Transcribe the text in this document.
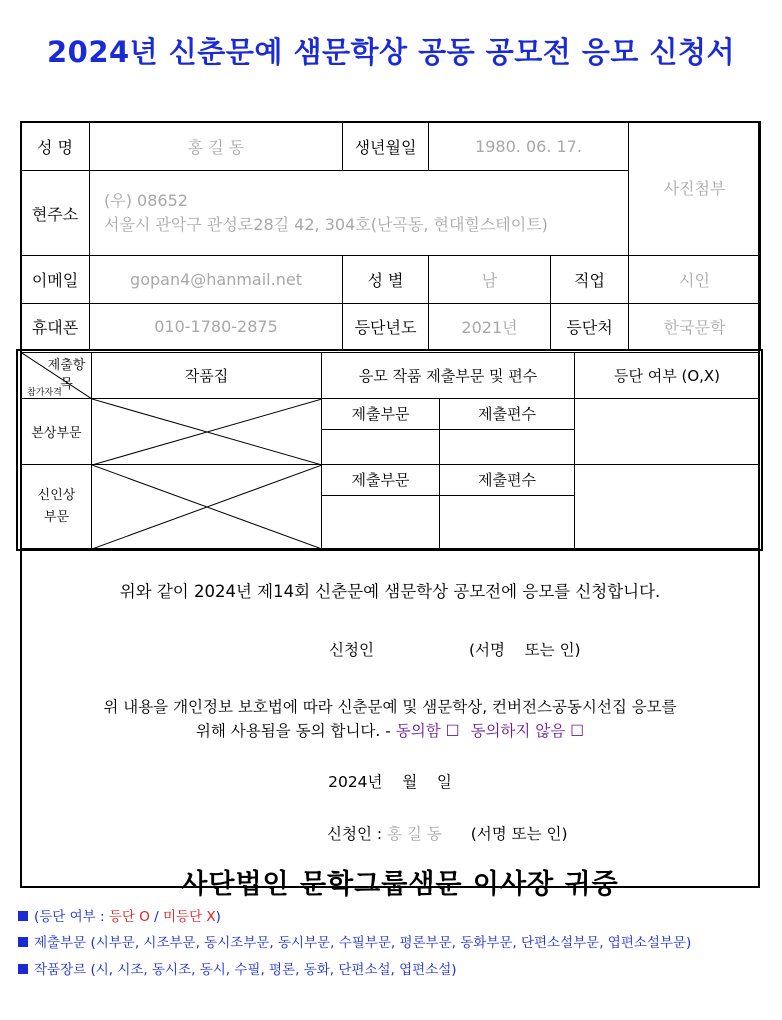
2024년 신춘문예 샘문학상 공동 공모전 응모 신청서
성 명	홍 길 동	생년월일	1980. 06. 17.		사진첨부
현주소	(우) 08652
서울시 관악구 관성로28길 42, 304호(난곡동, 현대힐스테이트)				

이메일	gopan4@hanmail.net	성 별	남	직업	시인
휴대폰	010-1780-2875	등단년도	2021년	등단처	한국문학
제출항목
참가자격	작품집	응모 작품 제출부문 및 편수		등단 여부 (O,X)
본상부문		제출부문	제출편수	

신인상
부문		제출부문	제출편수	

위와 같이 2024년 제14회 신춘문예 샘문학상 공모전에 응모를 신청합니다.
신청인	(서명    또는 인)
위 내용을 개인정보 보호법에 따라 신춘문예 및 샘문학상, 컨버전스공동시선집 응모를
위해 사용됨을 동의 합니다. - 동의함 ☐ 동의하지 않음 ☐
2024년    월    일
신청인 : 홍 길 동 (서명 또는 인)
사단법인 문학그룹샘문 이사장 귀중
(등단 여부 : 등단 O / 미등단 X)
제출부문 (시부문, 시조부문, 동시조부문, 동시부문, 수필부문, 평론부문, 동화부문, 단편소설부문, 엽편소설부문)
작품장르 (시, 시조, 동시조, 동시, 수필, 평론, 동화, 단편소설, 엽편소설)
